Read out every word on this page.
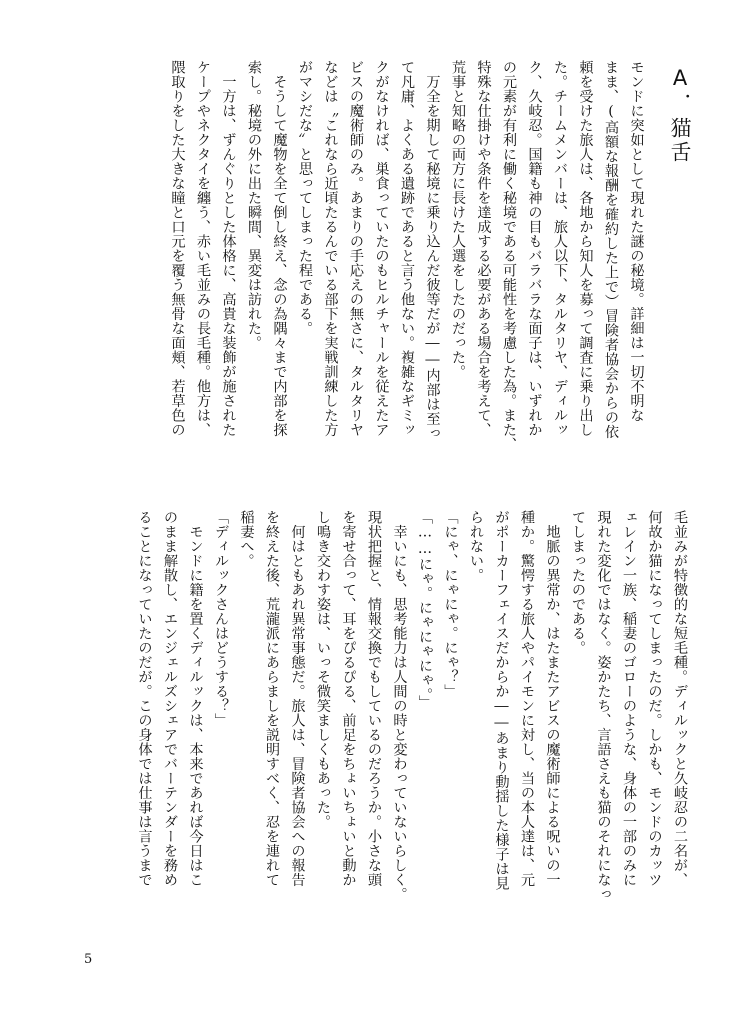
A．猫舌

モンドに突如として現れた謎の秘境。詳細は一切不明な

まま、(高額な報酬を確約した上で）冒険者協会からの依

頼を受けた旅人は、各地から知人を募って調査に乗り出し

た。チームメンバーは、旅人以下、タルタリヤ、ディルッ

ク、久岐忍。国籍も神の目もバラバラな面子は、いずれか

の元素が有利に働く秘境である可能性を考慮した為。また、

特殊な仕掛けや条件を達成する必要がある場合を考えて、

荒事と知略の両方に長けた人選をしたのだった。

　万全を期して秘境に乗り込んだ彼等だが――内部は至っ

て凡庸、よくある遺跡であると言う他ない。複雑なギミッ

クがなければ、巣食っていたのもヒルチャールを従えたア

ビスの魔術師のみ。あまりの手応えの無さに、タルタリヤ

などは〝これなら近頃たるんでいる部下を実戦訓練した方

がマシだな〟と思ってしまった程である。

　そうして魔物を全て倒し終え、念の為隅々まで内部を探

索し。秘境の外に出た瞬間、異変は訪れた。

　一方は、ずんぐりとした体格に、高貴な装飾が施された

ケープやネクタイを纏う、赤い毛並みの長毛種。他方は、

隈取りをした大きな瞳と口元を覆う無骨な面頬、若草色の

毛並みが特徴的な短毛種。ディルックと久岐忍の二名が、

何故か猫になってしまったのだ。しかも、モンドのカッツ

ェレイン一族、稲妻のゴローのような、身体の一部のみに

現れた変化ではなく。姿かたち、言語さえも猫のそれになっ

てしまったのである。

　地脈の異常か、はたまたアビスの魔術師による呪いの一

種か。驚愕する旅人やパイモンに対し、当の本人達は、元

がポーカーフェイスだからか――あまり動揺した様子は見

られない。

「にゃ、にゃにゃ。にゃ？」

「……にゃ。にゃにゃにゃ。」

　幸いにも、思考能力は人間の時と変わっていないらしく。

現状把握と、情報交換でもしているのだろうか。小さな頭

を寄せ合って、耳をぴるぴる、前足をちょいちょいと動か

し鳴き交わす姿は、いっそ微笑ましくもあった。

　何はともあれ異常事態だ。旅人は、冒険者協会への報告

を終えた後、荒瀧派にあらましを説明すべく、忍を連れて

稲妻へ。

「ディルックさんはどうする？」

　モンドに籍を置くディルックは、本来であれば今日はこ

のまま解散し、エンジェルズシェアでバーテンダーを務め

ることになっていたのだが。この身体では仕事は言うまで

5
